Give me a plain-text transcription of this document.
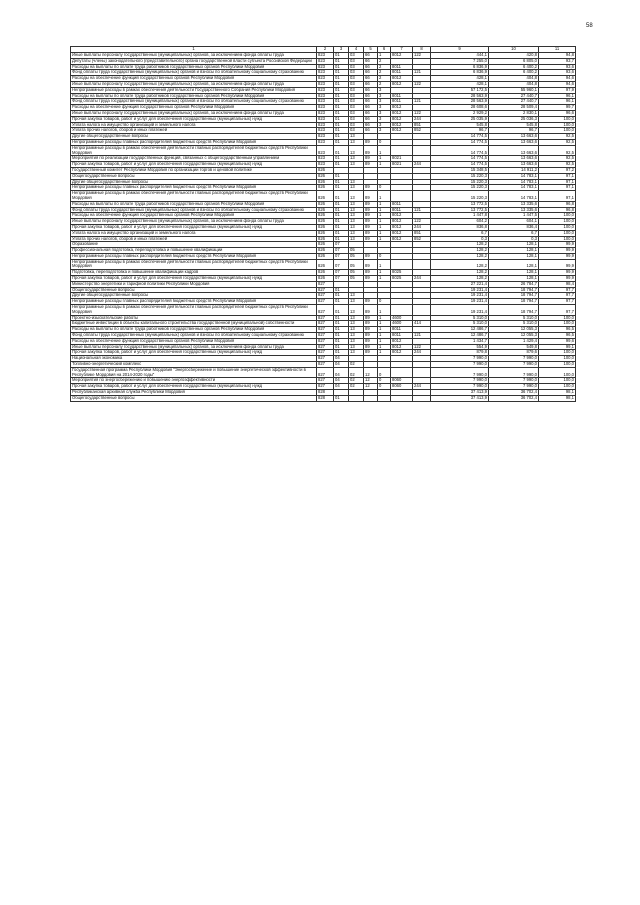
58
1	2	3	4	5	6	7	8	9	10	11
Иные выплаты персоналу государственных (муниципальных) органов, за исключением фонда оплаты труда	823	01	03	66	1	8012	122	444,1	420,8	94,8
Депутаты (члены) законодательного (представительного) органа государственной власти субъекта Российской Федерации	823	01	03	66	2			7 255,0	6 805,0	93,7
Расходы на выплаты по оплате труда работников государственных органов Республики Мордовия	823	01	03	66	2	8011		6 836,9	6 400,2	93,6
Фонд оплаты труда государственных (муниципальных) органов и взносы по обязательному социальному страхованию	823	01	03	66	2	8011	121	6 836,9	6 400,2	93,6
Расходы на обеспечение функций государственных органов Республики Мордовия	823	01	03	66	2	8012		428,1	404,8	94,6
Иные выплаты персоналу государственных (муниципальных) органов, за исключением фонда оплаты труда	823	01	03	66	2	8012	122	428,1	404,8	94,6
Непрограммные расходы в рамках обеспечения деятельности Государственного Собрания Республики Мордовия	823	01	03	66	3			57 172,5	55 960,1	97,9
Расходы на выплаты по оплате труда работников государственных органов Республики Мордовия	823	01	03	66	3	8011		28 563,9	27 440,7	96,1
Фонд оплаты труда государственных (муниципальных) органов и взносы по обязательному социальному страхованию	823	01	03	66	3	8011	121	28 563,9	27 440,7	96,1
Расходы на обеспечение функций государственных органов Республики Мордовия	823	01	03	66	3	8012		28 608,6	28 509,4	99,7
Иные выплаты персоналу государственных (муниципальных) органов, за исключением фонда оплаты труда	823	01	03	66	3	8012	122	2 929,2	2 830,1	96,6
Прочая закупка товаров, работ и услуг для обеспечения государственных (муниципальных) нужд	823	01	03	66	3	8012	244	25 035,9	25 036,3	100,0
Уплата налога на имущество организаций и земельного налога	823	01	03	66	3	8012	851	545,8	545,8	100,0
Уплата прочих налогов, сборов и иных платежей	823	01	03	66	3	8012	852	96,7	96,7	100,0
Другие общегосударственные вопросы	823	01	13					14 774,5	13 663,6	92,5
Непрограммные расходы главных распорядителей бюджетных средств Республики Мордовия	823	01	13	89	0			14 774,5	13 663,6	92,5
Непрограммные расходы в рамках обеспечения деятельности главных распорядителей бюджетных средств Республики Мордовия	823	01	13	89	1			14 774,5	13 663,6	92,5
Мероприятия по реализации государственных функций, связанных с общегосударственным управлением	823	01	13	89	1	8021		14 774,5	13 663,6	92,5
Прочая закупка товаров, работ и услуг для обеспечения государственных (муниципальных) нужд	823	01	13	89	1	8021	244	14 774,5	13 663,6	92,5
Государственный комитет Республики Мордовия по организации торгов и ценовой политике	826							15 348,5	14 911,2	97,2
Общегосударственные вопросы	826	01						15 220,3	14 783,1	97,1
Другие общегосударственные вопросы	826	01	13					15 220,3	14 783,1	97,1
Непрограммные расходы главных распорядителей бюджетных средств Республики Мордовия	826	01	13	89	0			15 220,3	14 783,1	97,1
Непрограммные расходы в рамках обеспечения деятельности главных распорядителей бюджетных средств Республики Мордовия	826	01	13	89	1			15 220,3	14 783,1	97,1
Расходы на выплаты по оплате труда работников государственных органов Республики Мордовия	826	01	13	89	1	8011		13 772,5	13 335,6	96,8
Фонд оплаты труда государственных (муниципальных) органов и взносы по обязательному социальному страхованию	826	01	13	89	1	8011	121	13 772,5	13 335,6	96,8
Расходы на обеспечение функций государственных органов Республики Мордовия	826	01	13	89	1	8012		1 447,8	1 447,5	100,0
Иные выплаты персоналу государственных (муниципальных) органов, за исключением фонда оплаты труда	826	01	13	89	1	8012	122	604,2	604,1	100,0
Прочая закупка товаров, работ и услуг для обеспечения государственных (муниципальных) нужд	826	01	13	89	1	8012	244	836,8	836,4	100,0
Уплата налога на имущество организаций и земельного налога	826	01	13	89	1	8012	851	6,7	6,7	100,0
Уплата прочих налогов, сборов и иных платежей	826	01	13	89	1	8012	852	0,3	0,3	100,0
Образование	826	07						128,2	128,1	99,9
Профессиональная подготовка, переподготовка и повышение квалификации	826	07	05					128,2	128,1	99,9
Непрограммные расходы главных распорядителей бюджетных средств Республики Мордовия	826	07	05	89	0			128,2	128,1	99,9
Непрограммные расходы в рамках обеспечения деятельности главных распорядителей бюджетных средств Республики Мордовия	826	07	05	89	1			128,2	128,1	99,9
Подготовка, переподготовка и повышение квалификации кадров	826	07	05	89	1	8025		128,2	128,1	99,9
Прочая закупка товаров, работ и услуг для обеспечения государственных (муниципальных) нужд	826	07	05	89	1	8025	244	128,2	128,1	99,9
Министерство энергетики и тарифной политики Республики Мордовия	827							27 221,4	26 784,7	98,4
Общегосударственные вопросы	827	01						19 231,4	18 794,7	97,7
Другие общегосударственные вопросы	827	01	13					19 231,4	18 794,7	97,7
Непрограммные расходы главных распорядителей бюджетных средств Республики Мордовия	827	01	13	89	0			19 231,4	18 794,7	97,7
Непрограммные расходы в рамках обеспечения деятельности главных распорядителей бюджетных средств Республики Мордовия	827	01	13	89	1			19 231,4	18 794,7	97,7
Проектно-изыскательские работы	827	01	13	89	1	4600		5 310,0	5 310,0	100,0
Бюджетные инвестиции в объекты капитального строительства государственной (муниципальной) собственности	827	01	13	89	1	4600	414	5 310,0	5 310,0	100,0
Расходы на выплаты по оплате труда работников государственных органов Республики Мордовия	827	01	13	89	1	8011		12 486,7	12 055,3	96,5
Фонд оплаты труда государственных (муниципальных) органов и взносы по обязательному социальному страхованию	827	01	13	89	1	8011	121	12 486,7	12 055,3	96,5
Расходы на обеспечение функций государственных органов Республики Мордовия	827	01	13	89	1	8012		1 434,7	1 429,4	99,6
Иные выплаты персоналу государственных (муниципальных) органов, за исключением фонда оплаты труда	827	01	13	89	1	8012	122	554,9	549,8	99,1
Прочая закупка товаров, работ и услуг для обеспечения государственных (муниципальных) нужд	827	01	13	89	1	8012	244	879,8	879,6	100,0
Национальная экономика	827	04						7 990,0	7 990,0	100,0
Топливно-энергетический комплекс	827	04	02					7 990,0	7 990,0	100,0
Государственная программа Республики Мордовия "Энергосбережение и повышение энергетической эффективности в Республике Мордовия на 2014-2020 годы"	827	04	02	12	0			7 990,0	7 990,0	100,0
Мероприятия по энергосбережению и повышению энергоэффективности	827	04	02	12	0	8060		7 990,0	7 990,0	100,0
Прочая закупка товаров, работ и услуг для обеспечения государственных (муниципальных) нужд	827	04	02	12	0	8060	244	7 990,0	7 990,0	100,0
Республиканская архивная служба Республики Мордовия	828							37 413,9	36 702,4	98,1
Общегосударственные вопросы	828	01						37 413,9	36 702,4	98,1
